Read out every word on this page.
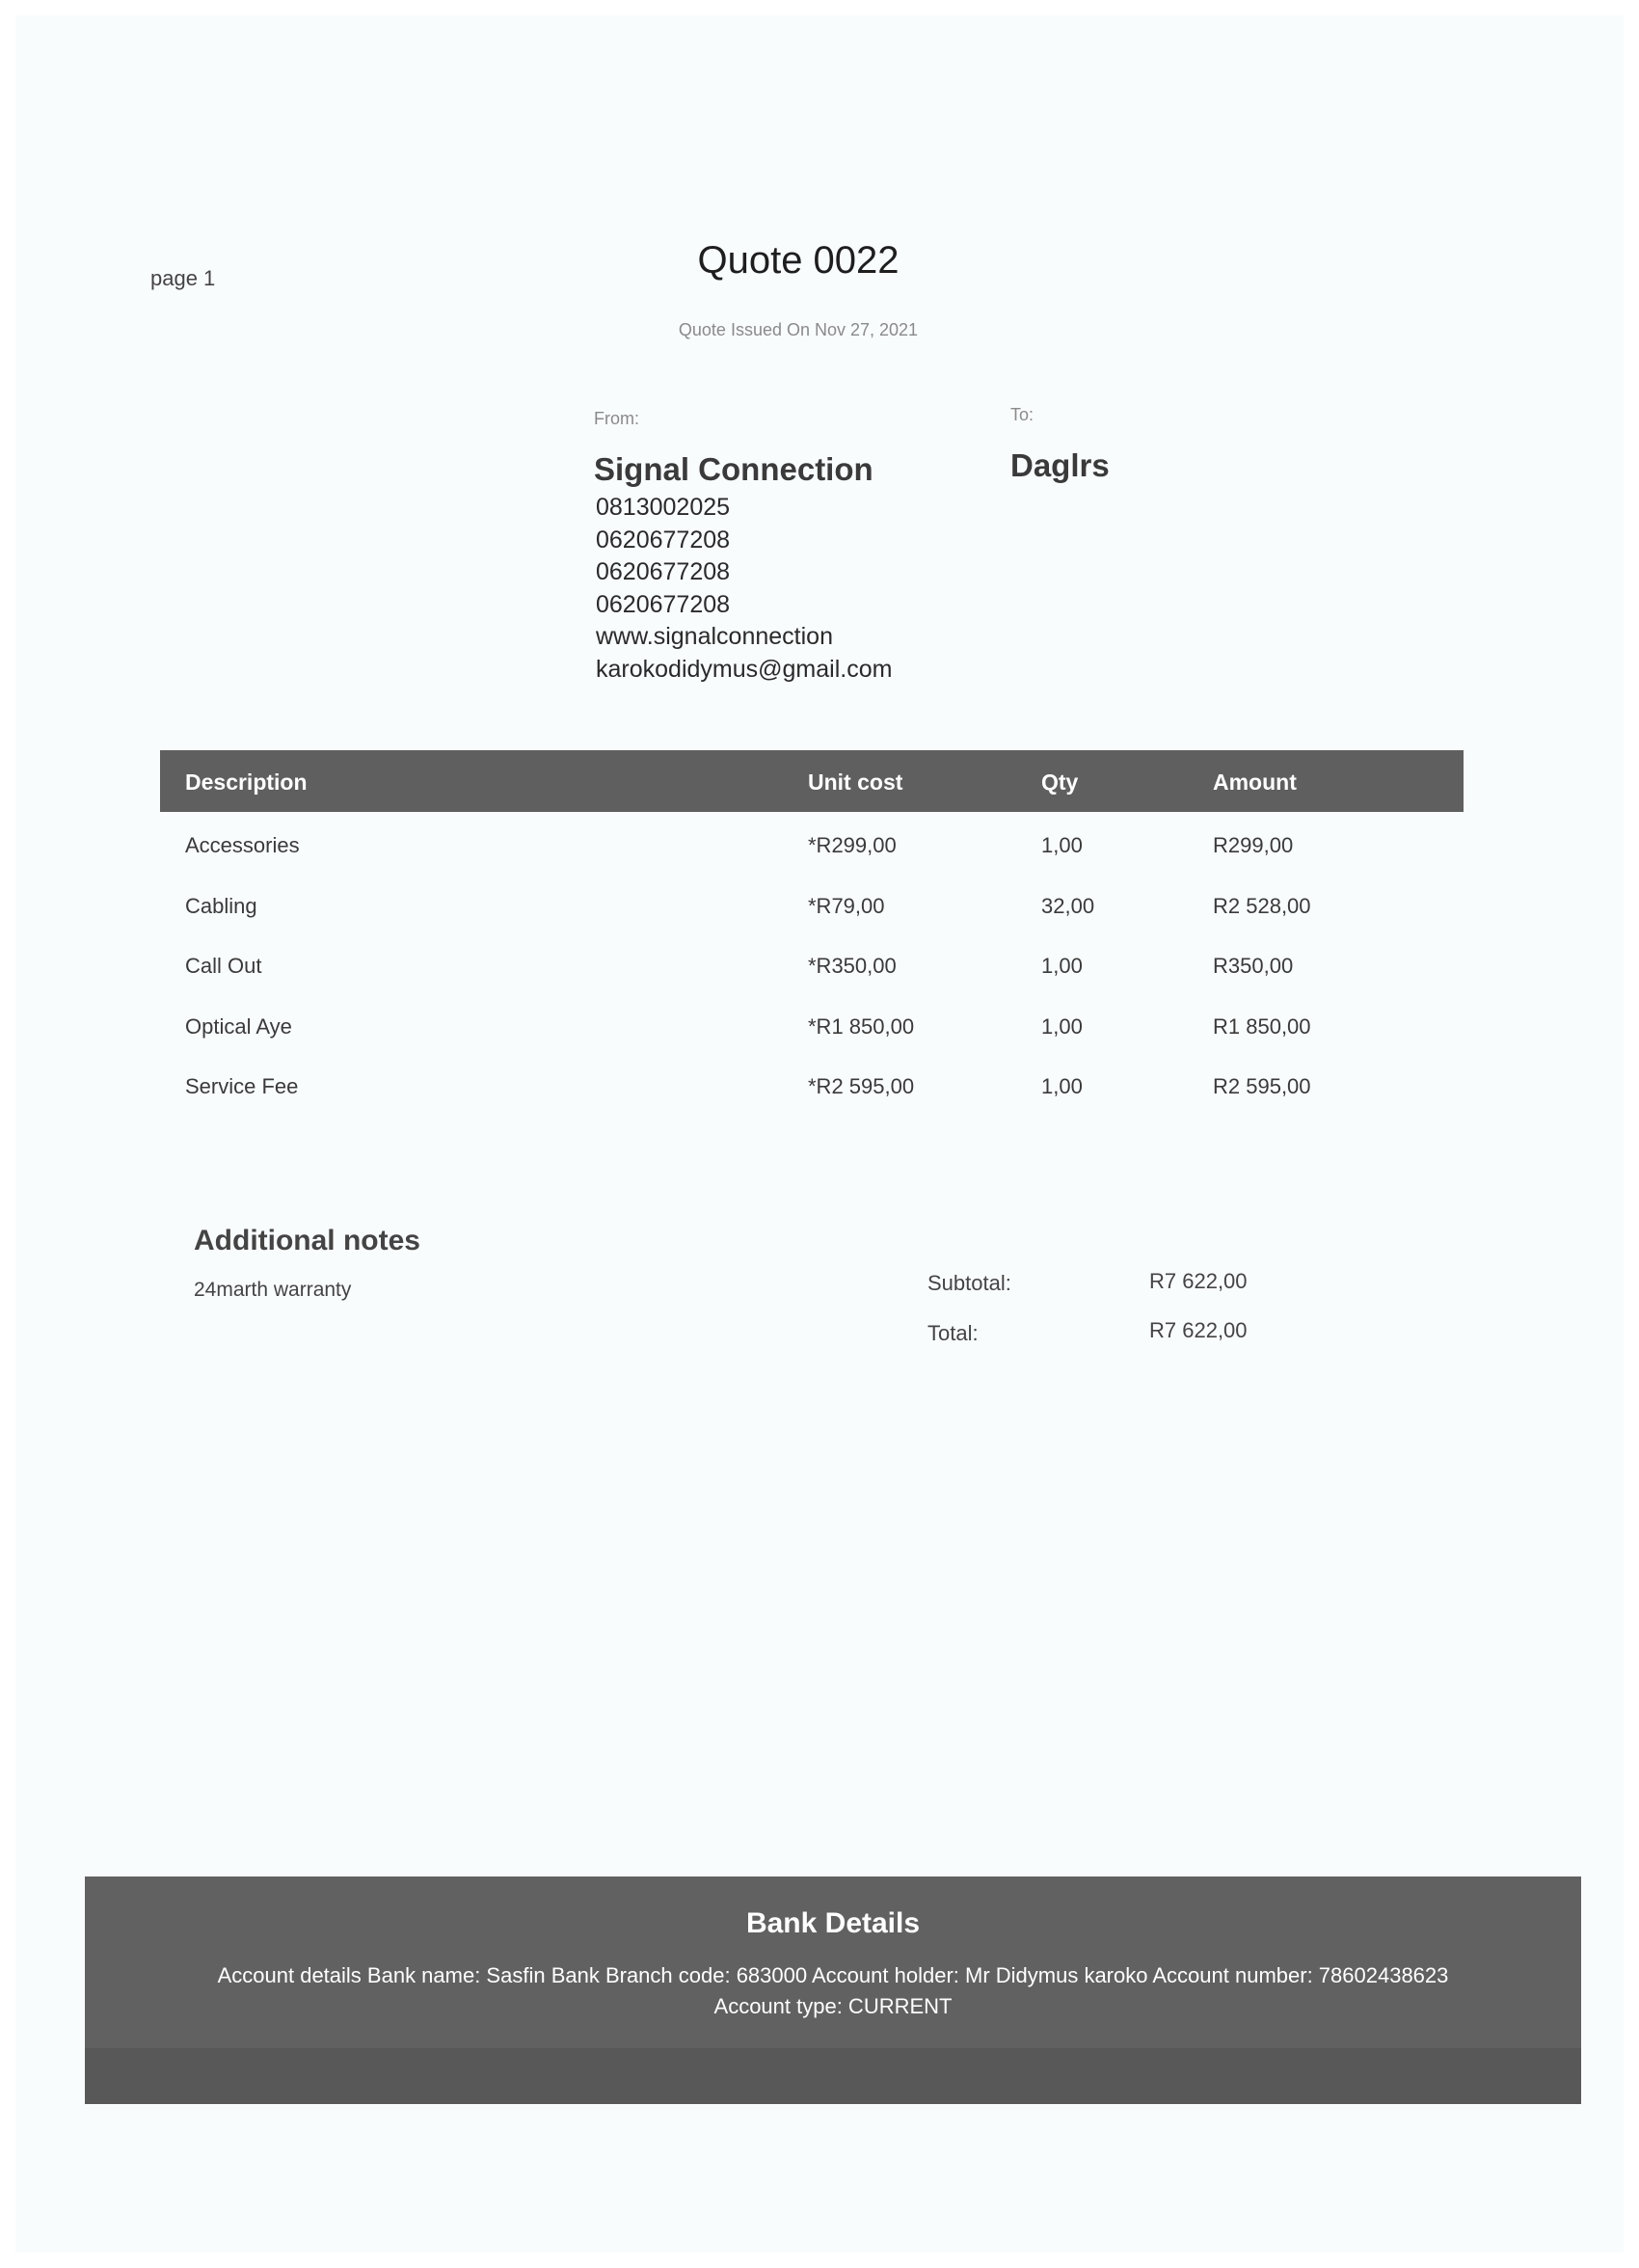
page 1	Quote 0022
Quote Issued On Nov 27, 2021
From:	To:
Signal Connection	Daglrs
0813002025
0620677208
0620677208
0620677208
www.signalconnection
karokodidymus@gmail.com
Description	Unit cost	Qty	Amount
Accessories	*R299,00	1,00	R299,00
Cabling	*R79,00	32,00	R2 528,00
Call Out	*R350,00	1,00	R350,00
Optical Aye	*R1 850,00	1,00	R1 850,00
Service Fee	*R2 595,00	1,00	R2 595,00
Additional notes
24marth warranty	Subtotal:	R7 622,00
Total:	R7 622,00
Bank Details
Account details Bank name: Sasfin Bank Branch code: 683000 Account holder: Mr Didymus karoko Account number: 78602438623
Account type: CURRENT
